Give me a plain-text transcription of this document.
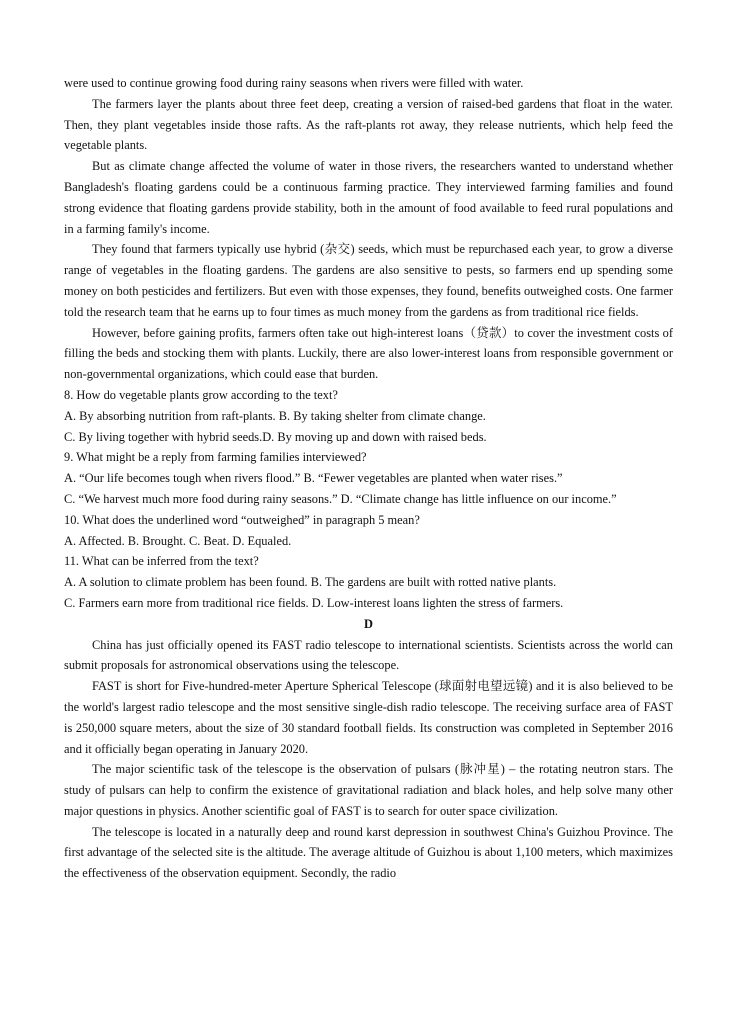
were used to continue growing food during rainy seasons when rivers were filled with water.

The farmers layer the plants about three feet deep, creating a version of raised-bed gardens that float in the water. Then, they plant vegetables inside those rafts. As the raft-plants rot away, they release nutrients, which help feed the vegetable plants.

But as climate change affected the volume of water in those rivers, the researchers wanted to understand whether Bangladesh's floating gardens could be a continuous farming practice. They interviewed farming families and found strong evidence that floating gardens provide stability, both in the amount of food available to feed rural populations and in a farming family's income.

They found that farmers typically use hybrid (杂交) seeds, which must be repurchased each year, to grow a diverse range of vegetables in the floating gardens. The gardens are also sensitive to pests, so farmers end up spending some money on both pesticides and fertilizers. But even with those expenses, they found, benefits outweighed costs. One farmer told the research team that he earns up to four times as much money from the gardens as from traditional rice fields.

However, before gaining profits, farmers often take out high-interest loans（贷款）to cover the investment costs of filling the beds and stocking them with plants. Luckily, there are also lower-interest loans from responsible government or non-governmental organizations, which could ease that burden.

8. How do vegetable plants grow according to the text?

A. By absorbing nutrition from raft-plants. B. By taking shelter from climate change.

C. By living together with hybrid seeds.D. By moving up and down with raised beds.

9. What might be a reply from farming families interviewed?

A. “Our life becomes tough when rivers flood.” B. “Fewer vegetables are planted when water rises.”

C. “We harvest much more food during rainy seasons.” D. “Climate change has little influence on our income.”

10. What does the underlined word “outweighed” in paragraph 5 mean?

A. Affected. B. Brought. C. Beat. D. Equaled.

11. What can be inferred from the text?

A. A solution to climate problem has been found. B. The gardens are built with rotted native plants.

C. Farmers earn more from traditional rice fields. D. Low-interest loans lighten the stress of farmers.

D

China has just officially opened its FAST radio telescope to international scientists. Scientists across the world can submit proposals for astronomical observations using the telescope.

FAST is short for Five-hundred-meter Aperture Spherical Telescope (球面射电望远镜) and it is also believed to be the world's largest radio telescope and the most sensitive single-dish radio telescope. The receiving surface area of FAST is 250,000 square meters, about the size of 30 standard football fields. Its construction was completed in September 2016 and it officially began operating in January 2020.

The major scientific task of the telescope is the observation of pulsars (脉冲星) – the rotating neutron stars. The study of pulsars can help to confirm the existence of gravitational radiation and black holes, and help solve many other major questions in physics. Another scientific goal of FAST is to search for outer space civilization.

The telescope is located in a naturally deep and round karst depression in southwest China's Guizhou Province. The first advantage of the selected site is the altitude. The average altitude of Guizhou is about 1,100 meters, which maximizes the effectiveness of the observation equipment. Secondly, the radio
